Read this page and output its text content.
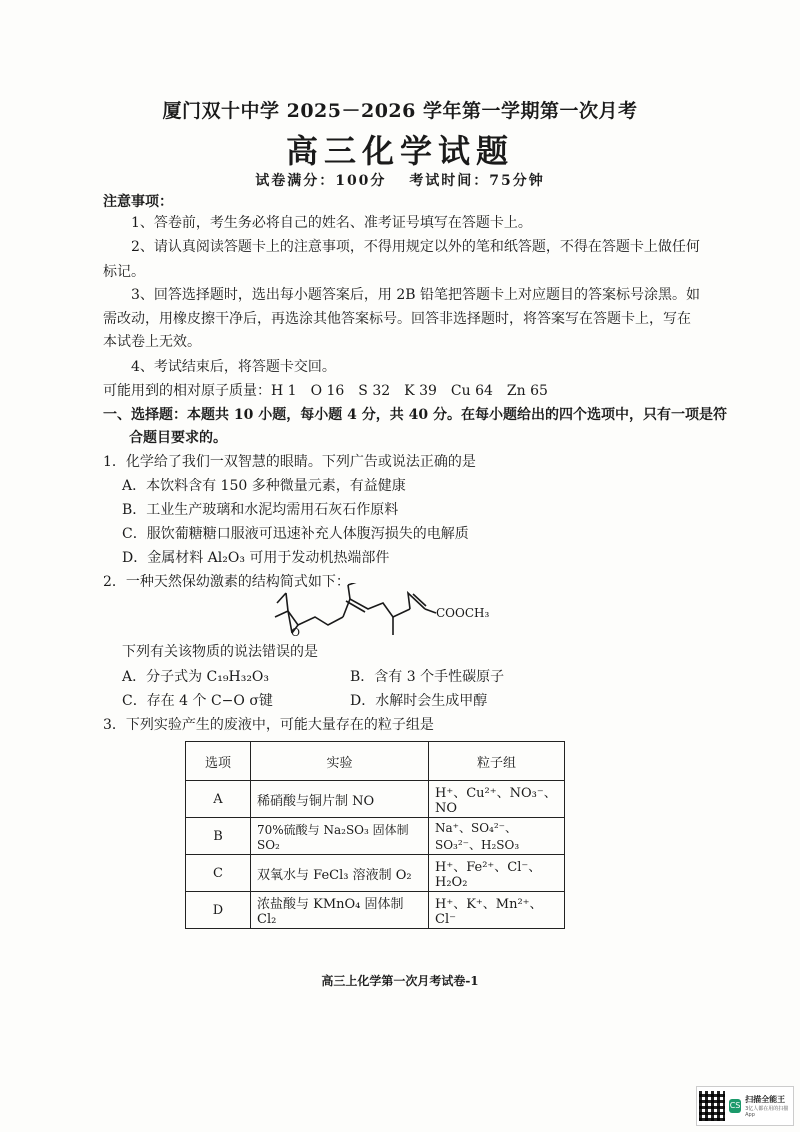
厦门双十中学 2025－2026 学年第一学期第一次月考
高三化学试题
试卷满分：100分 考试时间：75分钟
注意事项：
1、答卷前，考生务必将自己的姓名、准考证号填写在答题卡上。
2、请认真阅读答题卡上的注意事项，不得用规定以外的笔和纸答题，不得在答题卡上做任何
标记。
3、回答选择题时，选出每小题答案后，用 2B 铅笔把答题卡上对应题目的答案标号涂黑。如
需改动，用橡皮擦干净后，再选涂其他答案标号。回答非选择题时，将答案写在答题卡上，写在
本试卷上无效。
4、考试结束后，将答题卡交回。
可能用到的相对原子质量：H 1　O 16　S 32　K 39　Cu 64　Zn 65
一、选择题：本题共 10 小题，每小题 4 分，共 40 分。在每小题给出的四个选项中，只有一项是符
合题目要求的。
1．化学给了我们一双智慧的眼睛。下列广告或说法正确的是
A．本饮料含有 150 多种微量元素，有益健康
B．工业生产玻璃和水泥均需用石灰石作原料
C．服饮葡糖糖口服液可迅速补充人体腹泻损失的电解质
D．金属材料 Al₂O₃ 可用于发动机热端部件
2．一种天然保幼激素的结构简式如下：
O
COOCH₃
下列有关该物质的说法错误的是
A．分子式为 C₁₉H₃₂O₃	B．含有 3 个手性碳原子
C．存在 4 个 C−O σ键	D．水解时会生成甲醇
3．下列实验产生的废液中，可能大量存在的粒子组是
选项	实验	粒子组
A	稀硝酸与铜片制 NO	H⁺、Cu²⁺、NO₃⁻、NO
B	70%硫酸与 Na₂SO₃ 固体制 SO₂	Na⁺、SO₄²⁻、SO₃²⁻、H₂SO₃
C	双氧水与 FeCl₃ 溶液制 O₂	H⁺、Fe²⁺、Cl⁻、H₂O₂
D	浓盐酸与 KMnO₄ 固体制 Cl₂	H⁺、K⁺、Mn²⁺、Cl⁻
高三上化学第一次月考试卷-1
CS
扫描全能王
3亿人都在用的扫描App
